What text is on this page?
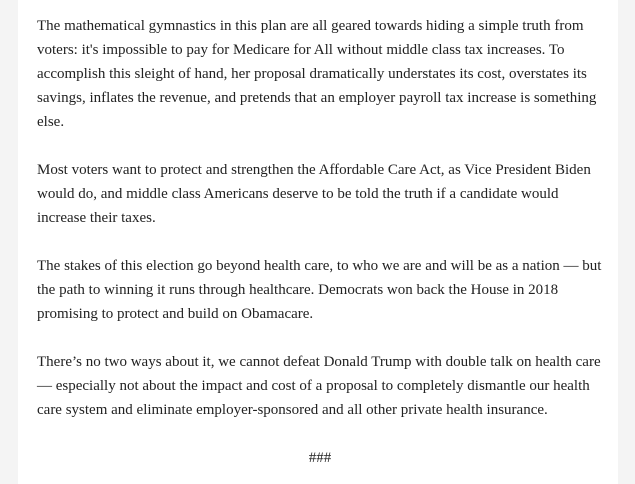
The mathematical gymnastics in this plan are all geared towards hiding a simple truth from voters: it's impossible to pay for Medicare for All without middle class tax increases. To accomplish this sleight of hand, her proposal dramatically understates its cost, overstates its savings, inflates the revenue, and pretends that an employer payroll tax increase is something else.

Most voters want to protect and strengthen the Affordable Care Act, as Vice President Biden would do, and middle class Americans deserve to be told the truth if a candidate would increase their taxes.

The stakes of this election go beyond health care, to who we are and will be as a nation — but the path to winning it runs through healthcare. Democrats won back the House in 2018 promising to protect and build on Obamacare.

There’s no two ways about it, we cannot defeat Donald Trump with double talk on health care — especially not about the impact and cost of a proposal to completely dismantle our health care system and eliminate employer-sponsored and all other private health insurance.

###
